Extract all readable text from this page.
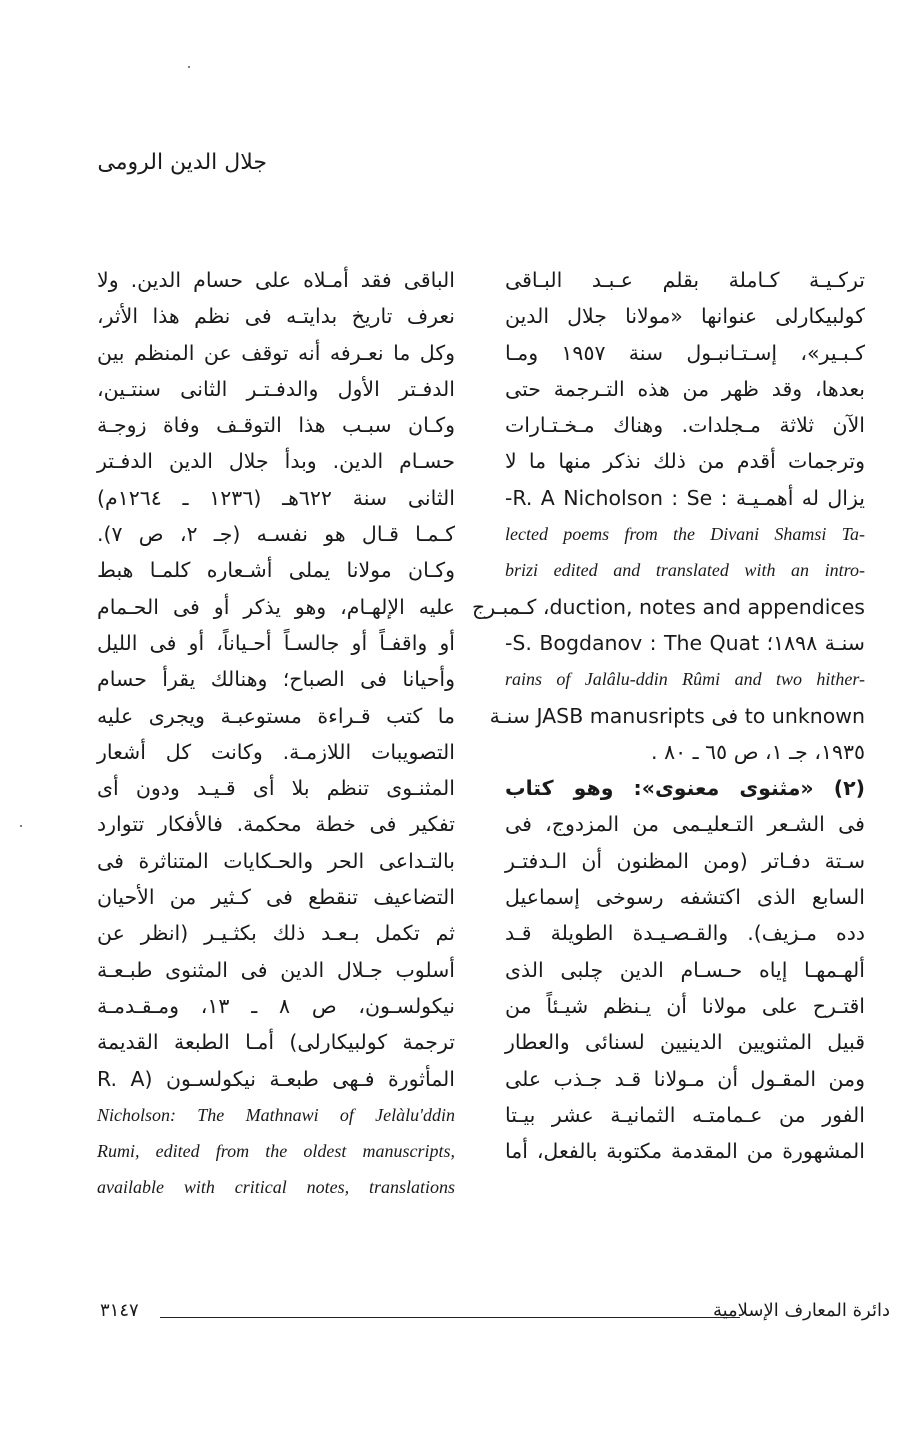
جلال الدين الرومى
تركـيـة كـاملة بقلم عـبـد البـاقى
كولبيكارلى عنوانها «مولانا جلال الدين
كـبـير»، إسـتـانبـول سنة ١٩٥٧ ومـا
بعدها، وقد ظهر من هذه التـرجمة حتى
الآن ثلاثة مـجلدات. وهناك مـخـتـارات
وترجمات أقدم من ذلك نذكر منها ما لا
يزال له أهمـيـة : R. A Nicholson : Se-
lected poems from the Divani Shamsi Ta-
brizi edited and translated with an intro-
duction, notes and appendices، كـمبـرج
سنـة ١٨٩٨؛ S. Bogdanov : The Quat-
rains of Jalâlu-ddin Rûmi and two hither-
to unknown فى JASB manusripts سنـة
١٩٣٥، جـ ١، ص ٦٥ ـ ٨٠ .
(٢) «مثنوى معنوى»: وهو كتاب
فى الشـعر التـعليـمى من المزدوج، فى
سـتة دفـاتر (ومن المظنون أن الـدفتـر
السابع الذى اكتشفه رسوخى إسماعيل
دده مـزيف). والقـصـيـدة الطويلة قـد
ألهـمهـا إياه حـسـام الدين چلبى الذى
اقتـرح على مولانا أن يـنظم شيـئاً من
قبيل المثنويين الدينيين لسنائى والعطار
ومن المقـول أن مـولانا قـد جـذب على
الفور من عـمامتـه الثمانيـة عشر بيـتا
المشهورة من المقدمة مكتوبة بالفعل، أما
الباقى فقد أمـلاه على حسام الدين. ولا
نعرف تاريخ بدايتـه فى نظم هذا الأثر،
وكل ما نعـرفه أنه توقف عن المنظم بين
الدفـتر الأول والدفـتـر الثانى سنتـين،
وكـان سبـب هذا التوقـف وفاة زوجـة
حسـام الدين. وبدأ جلال الدين الدفـتر
الثانى سنة ٦٢٢هـ (١٢٣٦ ـ ١٢٦٤م)
كـمـا قـال هو نفسـه (جـ ٢، ص ٧).
وكـان مولانا يملى أشـعاره كلمـا هبط
عليه الإلهـام، وهو يذكر أو فى الحـمام
أو واقفـاً أو جالسـاً أحـياناً، أو فى الليل
وأحيانا فى الصباح؛ وهنالك يقرأ حسام
ما كتب قـراءة مستوعبـة ويجرى عليه
التصويبات اللازمـة. وكانت كل أشعار
المثنـوى تنظم بلا أى قـيـد ودون أى
تفكير فى خطة محكمة. فالأفكار تتوارد
بالتـداعى الحر والحـكايات المتناثرة فى
التضاعيف تنقطع فى كـثير من الأحيان
ثم تكمل بـعـد ذلك بكثـيـر (انظر عن
أسلوب جـلال الدين فى المثنوى طبـعـة
نيكولسـون، ص ٨ ـ ١٣، ومـقـدمـة
ترجمة كولبيكارلى) أمـا الطبعة القديمة
المأثورة فـهى طبعـة نيكولسـون (R. A
Nicholson: The Mathnawi of Jelàlu'ddin
Rumi, edited from the oldest manuscripts,
available with critical notes, translations
٣١٤٧	دائرة المعارف الإسلامية
